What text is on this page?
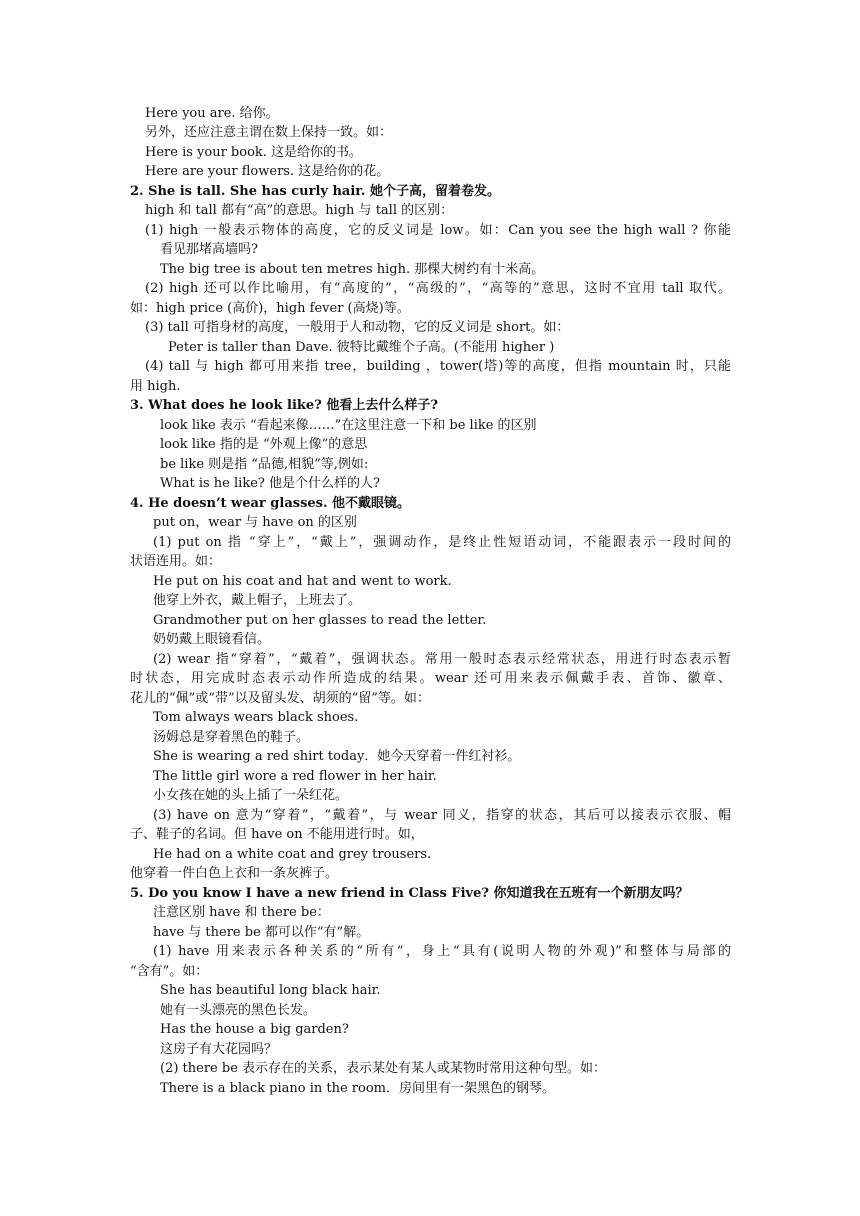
Here you are. 给你。
另外，还应注意主谓在数上保持一致。如：
Here is your book. 这是给你的书。
Here are your flowers. 这是给你的花。
2. She is tall. She has curly hair. 她个子高，留着卷发。
high 和 tall 都有“高”的意思。high 与 tall 的区别：
(1) high 一般表示物体的高度，它的反义词是 low。如：Can you see the high wall ? 你能
看见那堵高墙吗?
The big tree is about ten metres high. 那棵大树约有十米高。
(2) high 还可以作比喻用，有“高度的”，“高级的”，“高等的”意思，这时不宜用 tall 取代。
如：high price (高价)，high fever (高烧)等。
(3) tall 可指身材的高度，一般用于人和动物，它的反义词是 short。如：
Peter is taller than Dave. 彼特比戴维个子高。(不能用 higher )
(4) tall 与 high 都可用来指 tree，building ，tower(塔)等的高度，但指 mountain 时，只能
用 high.
3. What does he look like? 他看上去什么样子?
look like 表示 “看起来像……”在这里注意一下和 be like 的区别
look like 指的是 “外观上像”的意思
be like 则是指 “品德,相貌”等,例如:
What is he like? 他是个什么样的人?
4. He doesn’t wear glasses. 他不戴眼镜。
put on，wear 与 have on 的区别
(1) put on 指 “穿上”，“戴上”，强调动作，是终止性短语动词，不能跟表示一段时间的
状语连用。如：
He put on his coat and hat and went to work.
他穿上外衣，戴上帽子，上班去了。
Grandmother put on her glasses to read the letter.
奶奶戴上眼镜看信。
(2) wear 指“穿着”，“戴着”，强调状态。常用一般时态表示经常状态，用进行时态表示暂
时状态，用完成时态表示动作所造成的结果。wear 还可用来表示佩戴手表、首饰、徽章、
花儿的“佩”或“带”以及留头发、胡须的“留”等。如：
Tom always wears black shoes.
汤姆总是穿着黑色的鞋子。
She is wearing a red shirt today．她今天穿着一件红衬衫。
The little girl wore a red flower in her hair.
小女孩在她的头上插了一朵红花。
(3) have on 意为“穿着”，“戴着”，与 wear 同义，指穿的状态，其后可以接表示衣服、帽
子、鞋子的名词。但 have on 不能用进行时。如，
He had on a white coat and grey trousers.
他穿着一件白色上衣和一条灰裤子。
5. Do you know I have a new friend in Class Five? 你知道我在五班有一个新朋友吗？
注意区别 have 和 there be：
have 与 there be 都可以作“有”解。
(1) have 用来表示各种关系的“所有”，身上“具有(说明人物的外观)”和整体与局部的
“含有”。如：
She has beautiful long black hair.
她有一头漂亮的黑色长发。
Has the house a big garden?
这房子有大花园吗？
(2) there be 表示存在的关系，表示某处有某人或某物时常用这种句型。如：
There is a black piano in the room．房间里有一架黑色的钢琴。
